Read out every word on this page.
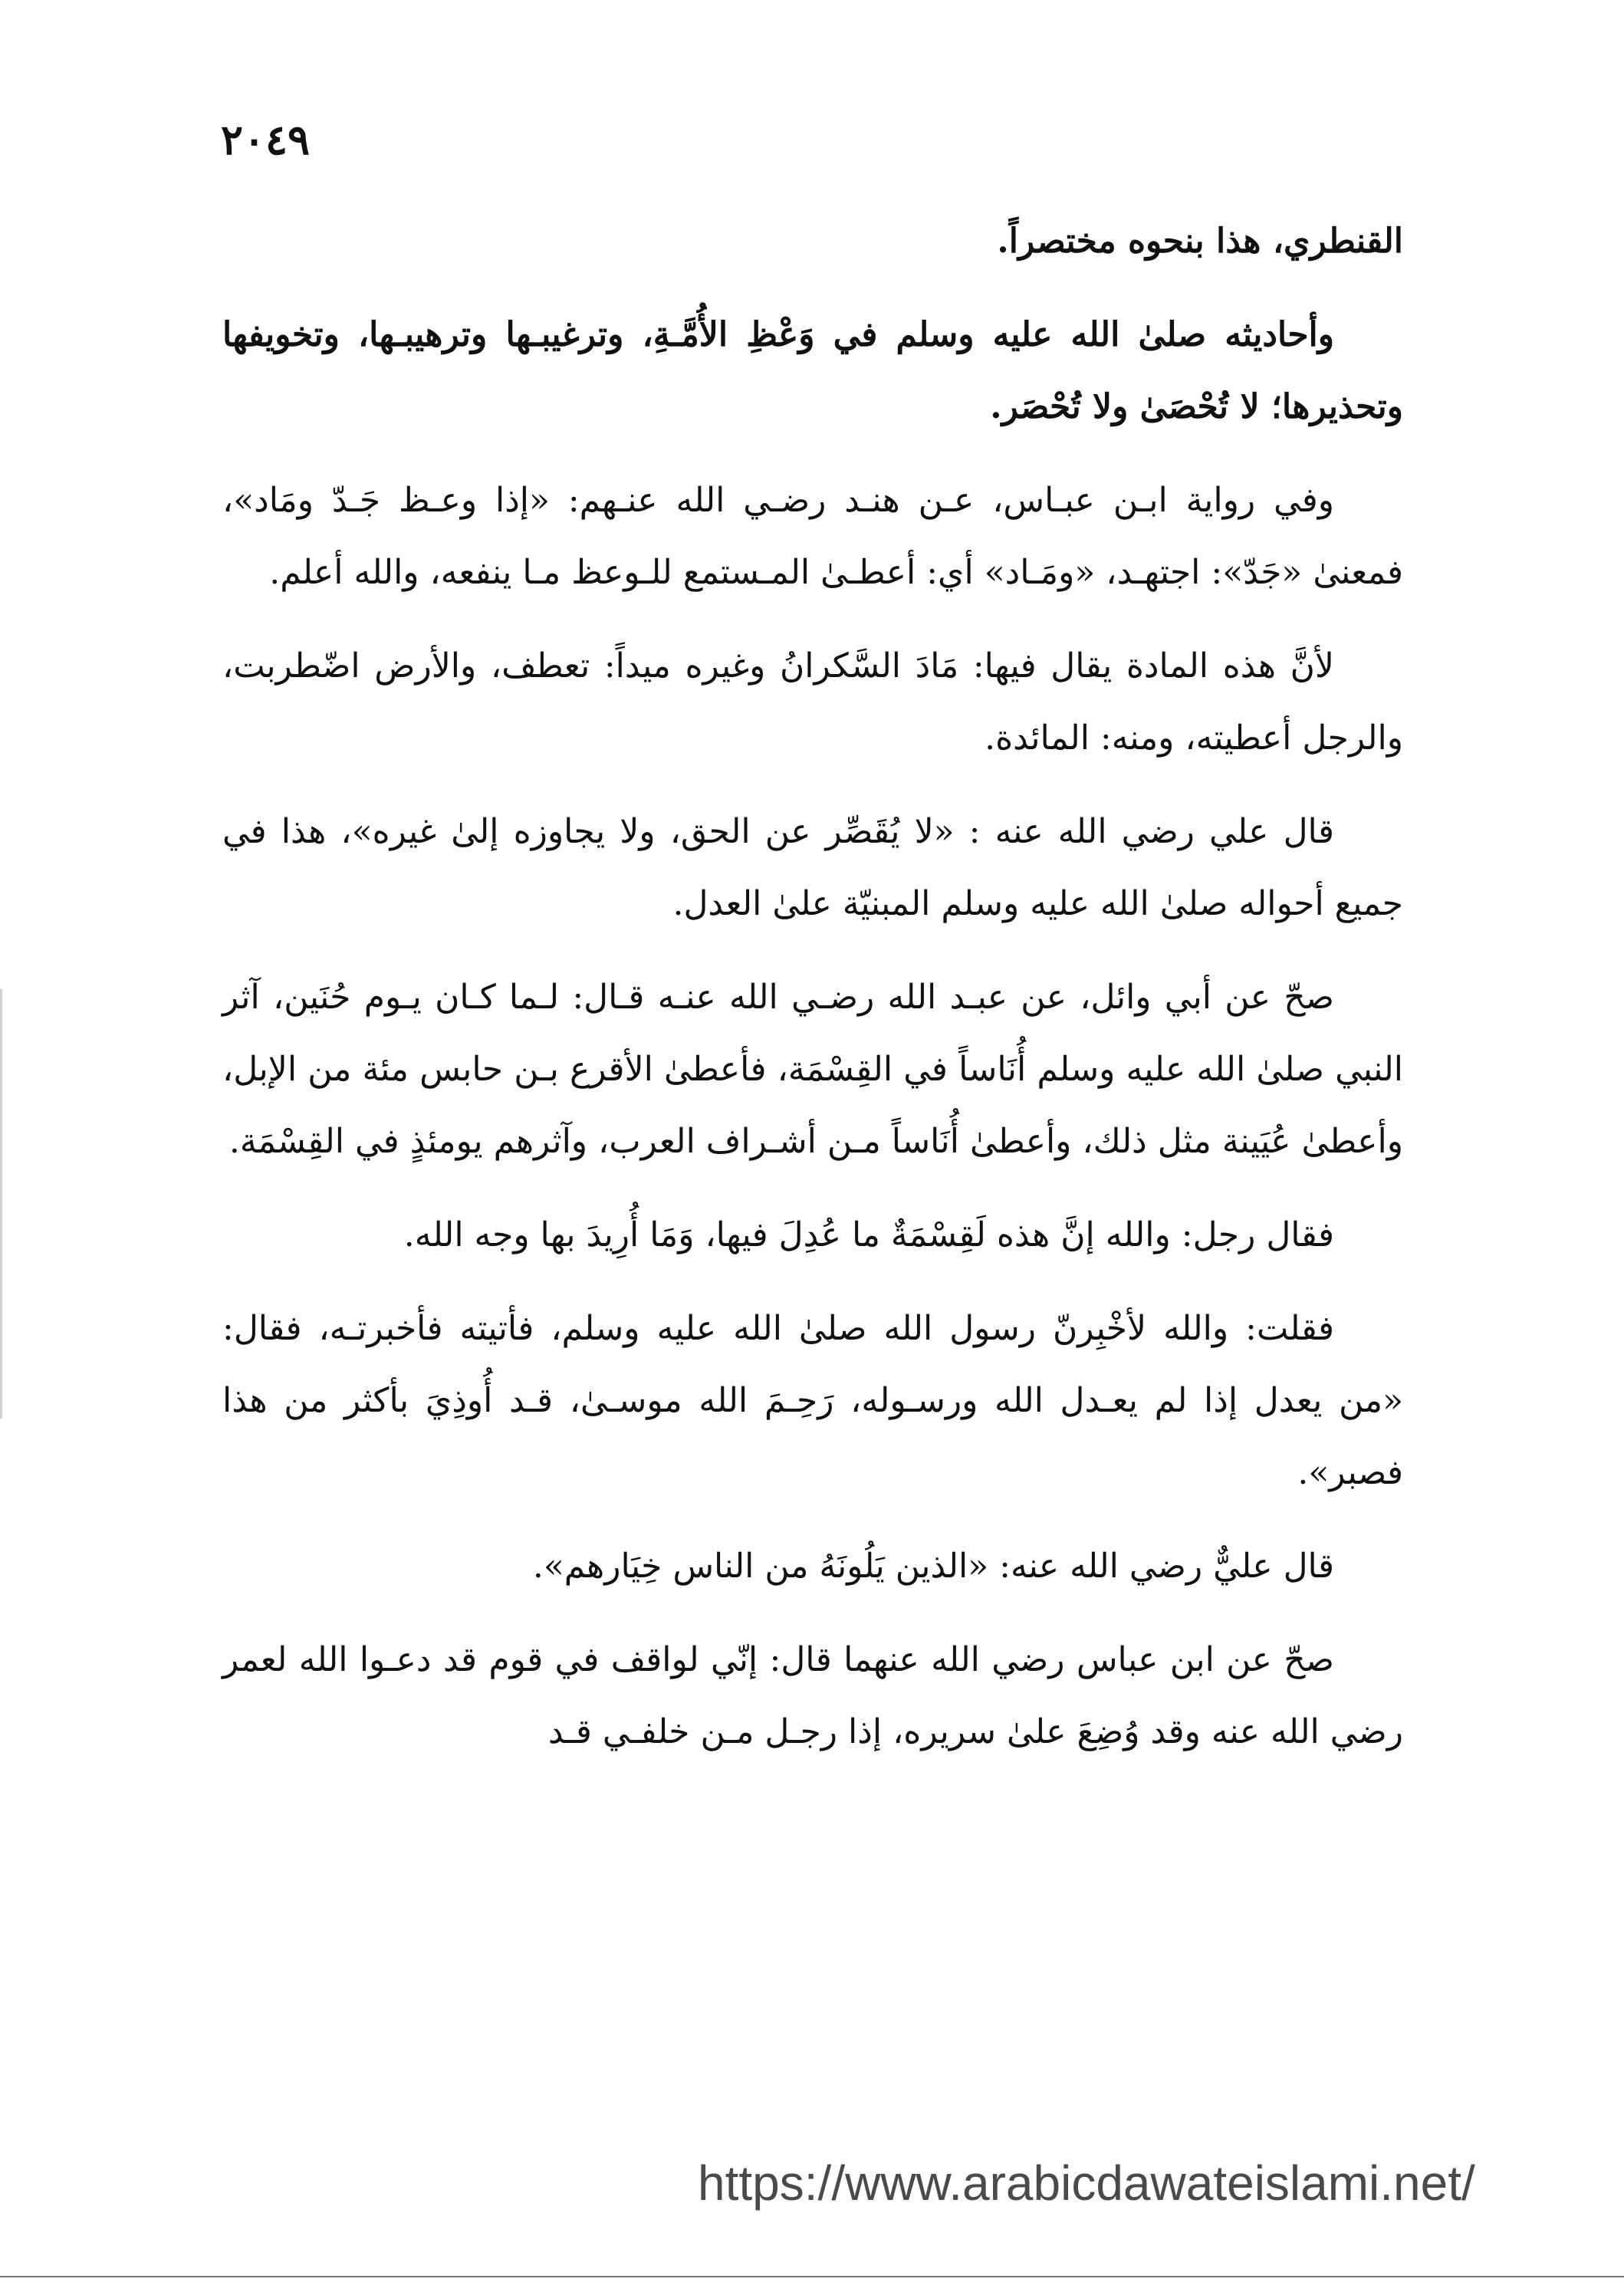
٢٠٤٩

القنطري، هذا بنحوه مختصراً.

وأحاديثه صلىٰ الله عليه وسلم في وَعْظِ الأُمَّـةِ، وترغيبـها وترهيبـها، وتخويفها وتحذيرها؛ لا تُحْصَىٰ ولا تُحْصَر.

وفي رواية ابـن عبـاس، عـن هنـد رضـي الله عنـهم: «إذا وعـظ جَـدّ ومَاد»، فمعنىٰ «جَدّ»: اجتهـد، «ومَـاد» أي: أعطـىٰ المـستمع للـوعظ مـا ينفعه، والله أعلم.

لأنَّ هذه المادة يقال فيها: مَادَ السَّكرانُ وغيره ميداً: تعطف، والأرض اضّطربت، والرجل أعطيته، ومنه: المائدة.

قال علي رضي الله عنه : «لا يُقَصِّر عن الحق، ولا يجاوزه إلىٰ غيره»، هذا في جميع أحواله صلىٰ الله عليه وسلم المبنيّة علىٰ العدل.

صحّ عن أبي وائل، عن عبـد الله رضـي الله عنـه قـال: لـما كـان يـوم حُنَين، آثر النبي صلىٰ الله عليه وسلم أُنَاساً في القِسْمَة، فأعطىٰ الأقرع بـن حابس مئة من الإبل، وأعطىٰ عُيَينة مثل ذلك، وأعطىٰ أُنَاساً مـن أشـراف العرب، وآثرهم يومئذٍ في القِسْمَة.

فقال رجل: والله إنَّ هذه لَقِسْمَةٌ ما عُدِلَ فيها، وَمَا أُرِيدَ بها وجه الله.

فقلت: والله لأخْبِرنّ رسول الله صلىٰ الله عليه وسلم، فأتيته فأخبرتـه، فقال: «من يعدل إذا لم يعـدل الله ورسـوله، رَحِـمَ الله موسـىٰ، قـد أُوذِيَ بأكثر من هذا فصبر».

قال عليٌّ رضي الله عنه: «الذين يَلُونَهُ من الناس خِيَارهم».

صحّ عن ابن عباس رضي الله عنهما قال: إنّي لواقف في قوم قد دعـوا الله لعمر رضي الله عنه وقد وُضِعَ علىٰ سريره، إذا رجـل مـن خلفـي قـد

https://www.arabicdawateislami.net/
